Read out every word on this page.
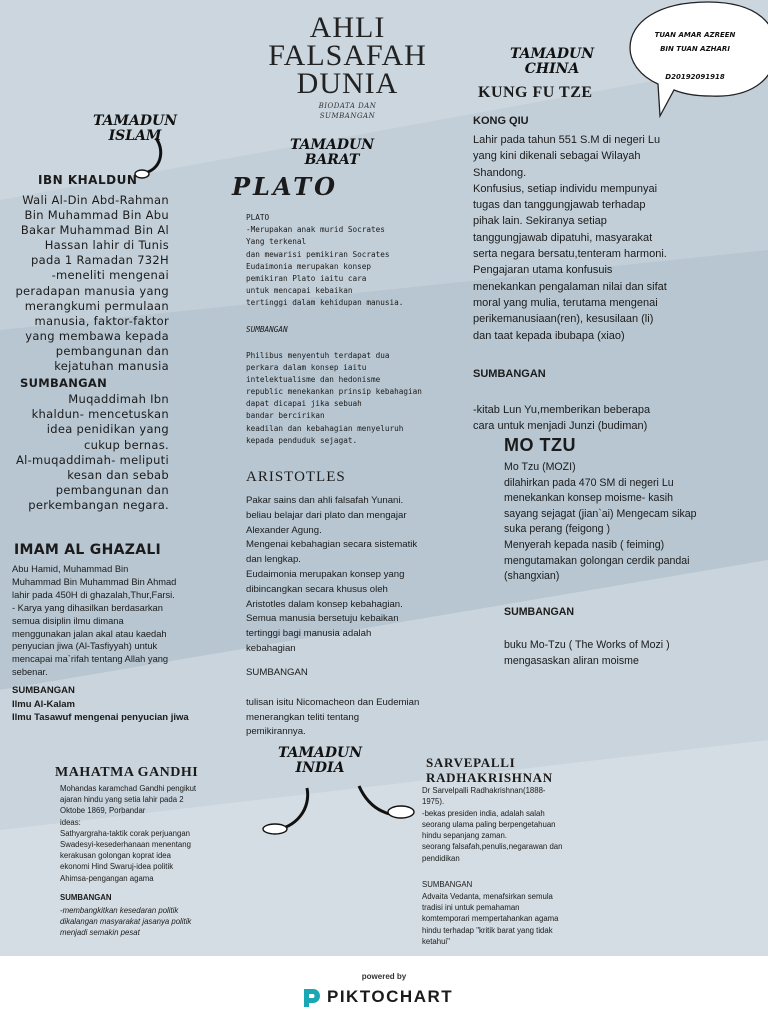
AHLI
FALSAFAH
DUNIA
BIODATA DAN
SUMBANGAN
TUAN AMAR AZREEN
BIN TUAN AZHARI

D20192091918
TAMADUN
ISLAM
IBN KHALDUN
Wali Al-Din Abd-Rahman
Bin Muhammad Bin Abu
Bakar Muhammad Bin Al
Hassan lahir di Tunis
pada 1 Ramadan 732H
-meneliti mengenai
peradapan manusia yang
merangkumi permulaan
manusia, faktor-faktor
yang membawa kepada
pembangunan dan
kejatuhan manusia
SUMBANGAN
Muqaddimah Ibn
khaldun- mencetuskan
idea penidikan yang
cukup bernas.
Al-muqaddimah- meliputi
kesan dan sebab
pembangunan dan
perkembangan negara.
IMAM AL GHAZALI
Abu Hamid, Muhammad Bin
Muhammad Bin Muhammad Bin Ahmad
lahir pada 450H di ghazalah,Thur,Farsi.
- Karya yang dihasilkan berdasarkan
semua disiplin ilmu dimana
menggunakan jalan akal atau kaedah
penyucian jiwa (Al-Tasfiyyah) untuk
mencapai ma`rifah tentang Allah yang
sebenar.
SUMBANGAN
Ilmu Al-Kalam
Ilmu Tasawuf mengenai penyucian jiwa
TAMADUN
BARAT
PLATO
PLATO
-Merupakan anak murid Socrates
Yang terkenal
dan mewarisi pemikiran Socrates
Eudaimonia merupakan konsep
pemikiran Plato iaitu cara
untuk mencapai kebaikan
tertinggi dalam kehidupan manusia.
SUMBANGAN
Philibus menyentuh terdapat dua
perkara dalam konsep iaitu
intelektualisme dan hedonisme
republic menekankan prinsip kebahagian
dapat dicapai jika sebuah
bandar bercirikan
keadilan dan kebahagian menyeluruh
kepada penduduk sejagat.
ARISTOTLES
Pakar sains dan ahli falsafah Yunani.
beliau belajar dari plato dan mengajar
Alexander Agung.
Mengenai kebahagian secara sistematik
dan lengkap.
Eudaimonia merupakan konsep yang
dibincangkan secara khusus oleh
Aristotles dalam konsep kebahagian.
Semua manusia bersetuju kebaikan
tertinggi bagi manusia adalah
kebahagian
SUMBANGAN
tulisan isitu Nicomacheon dan Eudemian
menerangkan teliti tentang
pemikirannya.
TAMADUN
CHINA
KUNG FU TZE
KONG QIU
Lahir pada tahun 551 S.M di negeri Lu
yang kini dikenali sebagai Wilayah
Shandong.
Konfusius, setiap individu mempunyai
tugas dan tanggungjawab terhadap
pihak lain. Sekiranya setiap
tanggungjawab dipatuhi, masyarakat
serta negara bersatu,tenteram harmoni.
Pengajaran utama konfusuis
menekankan pengalaman nilai dan sifat
moral yang mulia, terutama mengenai
perikemanusiaan(ren), kesusilaan (li)
dan taat kepada ibubapa (xiao)
SUMBANGAN
-kitab Lun Yu,memberikan beberapa
cara untuk menjadi Junzi (budiman)
MO TZU
Mo Tzu (MOZI)
dilahirkan pada 470 SM di negeri Lu
menekankan konsep moisme- kasih
sayang sejagat (jian`ai) Mengecam sikap
suka perang (feigong )
Menyerah kepada nasib ( feiming)
mengutamakan golongan cerdik pandai
(shangxian)
SUMBANGAN
buku Mo-Tzu ( The Works of Mozi )
mengasaskan aliran moisme
TAMADUN
INDIA
MAHATMA GANDHI
Mohandas karamchad Gandhi pengikut
ajaran hindu yang setia lahir pada 2
Oktobe 1869, Porbandar
ideas:
Sathyargraha-taktik corak perjuangan
Swadesyi-kesederhanaan menentang
kerakusan golongan koprat idea
ekonomi Hind Swaruj-idea politik
Ahimsa-pengangan agama
SUMBANGAN
-membangkitkan kesedaran politik
dikalangan masyarakat jasanya politik
menjadi semakin pesat
SARVEPALLI
RADHAKRISHNAN
Dr Sarvelpalli Radhakrishnan(1888-
1975).
-bekas presiden india, adalah salah
seorang ulama paling berpengetahuan
hindu sepanjang zaman.
seorang falsafah,penulis,negarawan dan
pendidikan
SUMBANGAN
Advaita Vedanta, menafsirkan semula
tradisi ini untuk pemahaman
komtemporari mempertahankan agama
hindu terhadap "kritik barat yang tidak
ketahui"
powered by
PIKTOCHART
